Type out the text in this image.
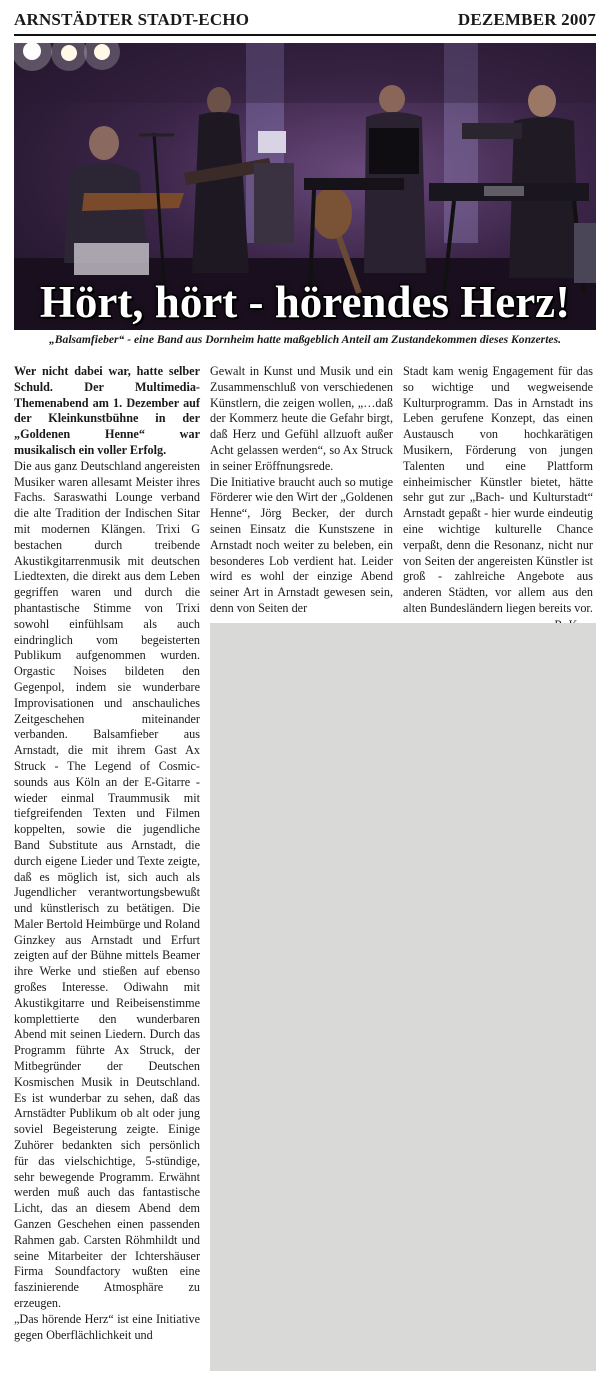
ARNSTÄDTER STADT-ECHO	DEZEMBER 2007
Hört, hört - hörendes Herz!
„Balsamfieber“ - eine Band aus Dornheim hatte maßgeblich Anteil am Zustandekommen dieses Konzertes.

Wer nicht dabei war, hatte selber Schuld. Der Multimedia-Themenabend am 1. Dezember auf der Kleinkunstbühne in der „Goldenen Henne“ war musikalisch ein voller Erfolg.

Die aus ganz Deutschland angereisten Musiker waren allesamt Meister ihres Fachs. Saraswathi Lounge verband die alte Tradition der Indischen Sitar mit modernen Klängen. Trixi G bestachen durch treibende Akustikgitarrenmusik mit deutschen Liedtexten, die direkt aus dem Leben gegriffen waren und durch die phantastische Stimme von Trixi sowohl einfühlsam als auch eindringlich vom begeisterten Publikum aufgenommen wurden. Orgastic Noises bildeten den Gegenpol, indem sie wunderbare Improvisationen und anschauliches Zeitgeschehen miteinander verbanden. Balsamfieber aus Arnstadt, die mit ihrem Gast Ax Struck - The Legend of Cosmic-sounds aus Köln an der E-Gitarre - wieder einmal Traummusik mit tiefgreifenden Texten und Filmen koppelten, sowie die jugendliche Band Substitute aus Arnstadt, die durch eigene Lieder und Texte zeigte, daß es möglich ist, sich auch als Jugendlicher verantwortungsbewußt und künstlerisch zu betätigen. Die Maler Bertold Heimbürge und Roland Ginzkey aus Arnstadt und Erfurt zeigten auf der Bühne mittels Beamer ihre Werke und stießen auf ebenso großes Interesse. Odiwahn mit Akustikgitarre und Reibeisenstimme komplettierte den wunderbaren Abend mit seinen Liedern. Durch das Programm führte Ax Struck, der Mitbegründer der Deutschen Kosmischen Musik in Deutschland. Es ist wunderbar zu sehen, daß das Arnstädter Publikum ob alt oder jung soviel Begeisterung zeigte. Einige Zuhörer bedankten sich persönlich für das vielschichtige, 5-stündige, sehr bewegende Programm. Erwähnt werden muß auch das fantastische Licht, das an diesem Abend dem Ganzen Geschehen einen passenden Rahmen gab. Carsten Röhmhildt und seine Mitarbeiter der Ichtershäuser Firma Soundfactory wußten eine faszinierende Atmosphäre zu erzeugen.

„Das hörende Herz“ ist eine Initiative gegen Oberflächlichkeit und

Gewalt in Kunst und Musik und ein Zusammenschluß von verschiedenen Künstlern, die zeigen wollen, „…daß der Kommerz heute die Gefahr birgt, daß Herz und Gefühl allzuoft außer Acht gelassen werden“, so Ax Struck in seiner Eröffnungsrede.

Die Initiative braucht auch so mutige Förderer wie den Wirt der „Goldenen Henne“, Jörg Becker, der durch seinen Einsatz die Kunstszene in Arnstadt noch weiter zu beleben, ein besonderes Lob verdient hat. Leider wird es wohl der einzige Abend seiner Art in Arnstadt gewesen sein, denn von Seiten der

Stadt kam wenig Engagement für das so wichtige und wegweisende Kulturprogramm. Das in Arnstadt ins Leben gerufene Konzept, das einen Austausch von hochkarätigen Musikern, Förderung von jungen Talenten und eine Plattform einheimischer Künstler bietet, hätte sehr gut zur „Bach- und Kulturstadt“ Arnstadt gepaßt - hier wurde eindeutig eine wichtige kulturelle Chance verpaßt, denn die Resonanz, nicht nur von Seiten der angereisten Künstler ist groß - zahlreiche Angebote aus anderen Städten, vor allem aus den alten Bundesländern liegen bereits vor.
